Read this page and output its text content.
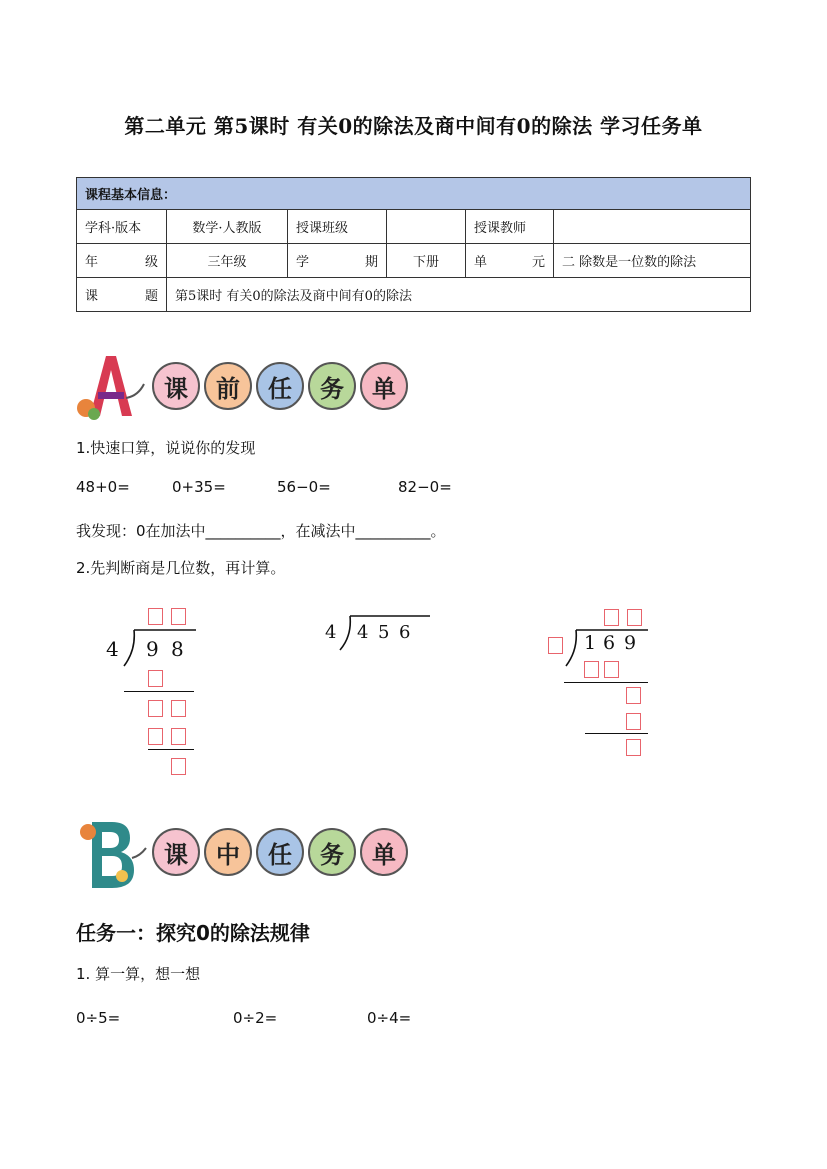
第二单元 第5课时 有关0的除法及商中间有0的除法 学习任务单
课程基本信息：					
学科·版本	数学·人教版	授课班级		授课教师	

年 级	三年级	学 期	下册	单 元	二 除数是一位数的除法

课 题	第5课时 有关0的除法及商中间有0的除法				
课 前 任 务 单
1.快速口算，说说你的发现
48+0=	0+35=	56−0=	82−0=
我发现：0在加法中__________，在减法中__________。
2.先判断商是几位数，再计算。
4 9 8
4 4 5 6	1 6 9
课 中 任 务 单
任务一：探究0的除法规律
1. 算一算，想一想
0÷5=	0÷2=	0÷4=
